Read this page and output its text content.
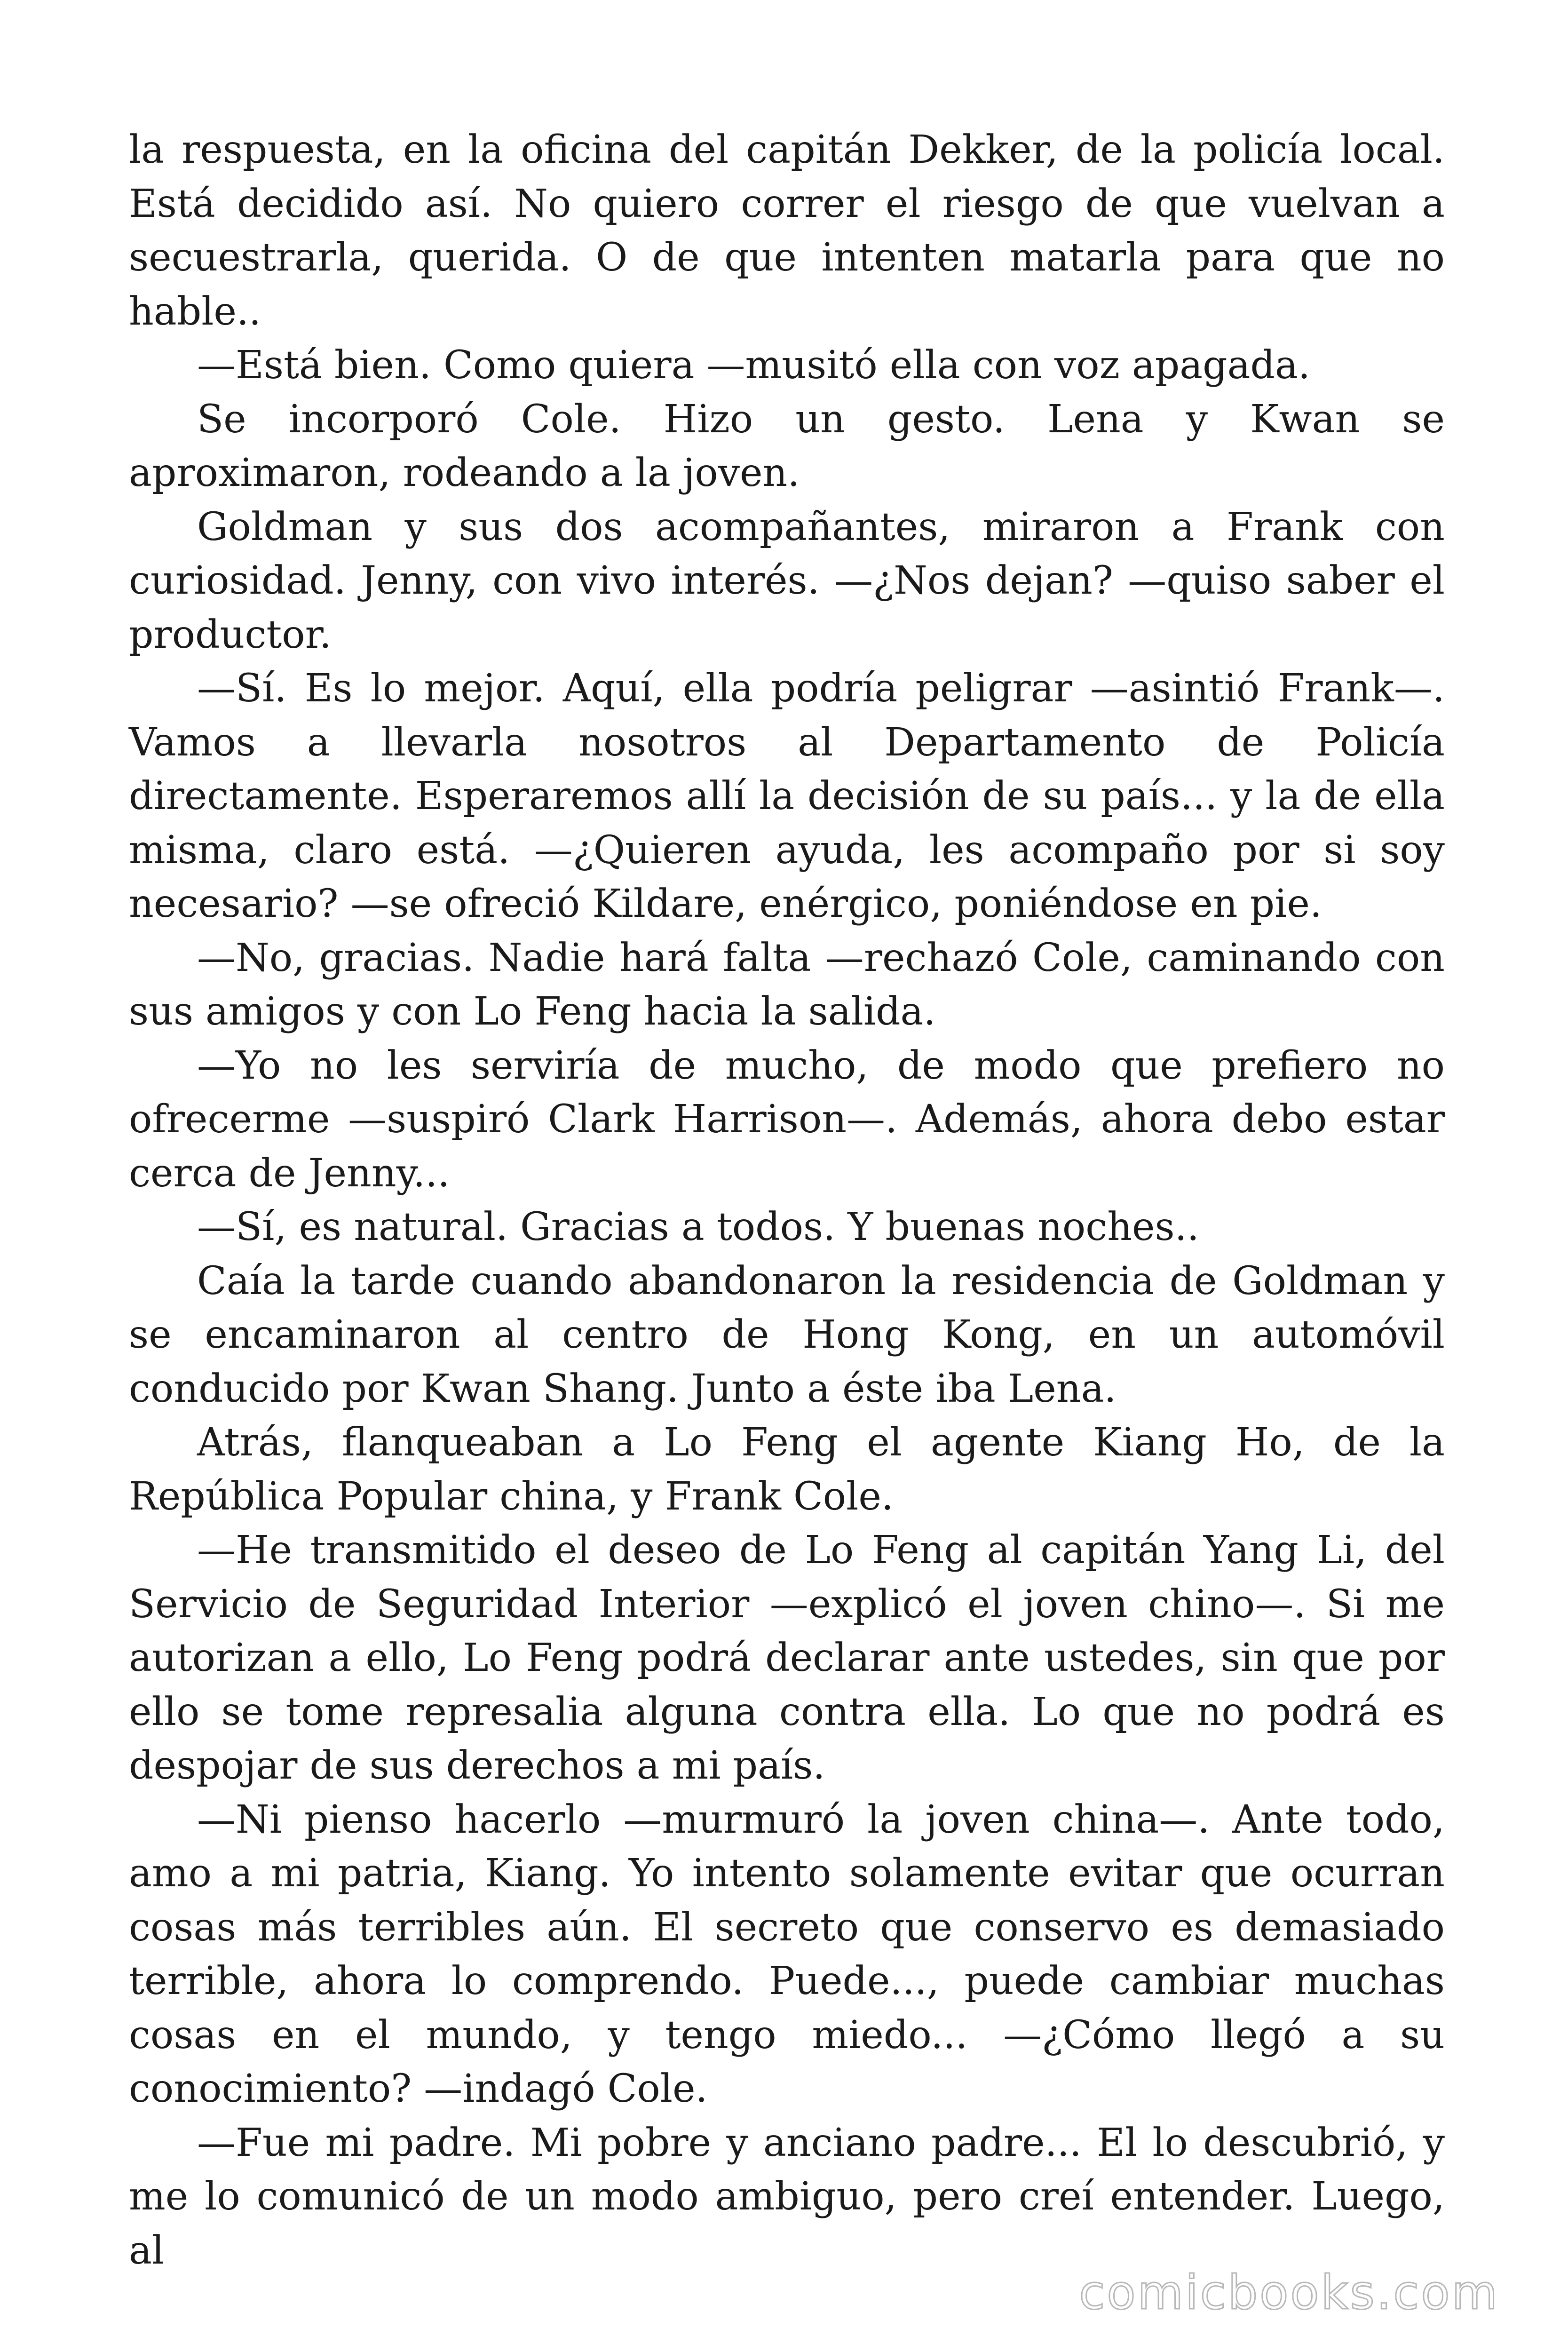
la respuesta, en la oficina del capitán Dekker, de la policía local. Está decidido así. No quiero correr el riesgo de que vuelvan a secuestrarla, querida. O de que intenten matarla para que no hable..

—Está bien. Como quiera —musitó ella con voz apagada.

Se incorporó Cole. Hizo un gesto. Lena y Kwan se aproximaron, rodeando a la joven.

Goldman y sus dos acompañantes, miraron a Frank con curiosidad. Jenny, con vivo interés. —¿Nos dejan? —quiso saber el productor.

—Sí. Es lo mejor. Aquí, ella podría peligrar —asintió Frank—. Vamos a llevarla nosotros al Departamento de Policía directamente. Esperaremos allí la decisión de su país... y la de ella misma, claro está. —¿Quieren ayuda, les acompaño por si soy necesario? —se ofreció Kildare, enérgico, poniéndose en pie.

—No, gracias. Nadie hará falta —rechazó Cole, caminando con sus amigos y con Lo Feng hacia la salida.

—Yo no les serviría de mucho, de modo que prefiero no ofrecerme —suspiró Clark Harrison—. Además, ahora debo estar cerca de Jenny...

—Sí, es natural. Gracias a todos. Y buenas noches..

Caía la tarde cuando abandonaron la residencia de Goldman y se encaminaron al centro de Hong Kong, en un automóvil conducido por Kwan Shang. Junto a éste iba Lena.

Atrás, flanqueaban a Lo Feng el agente Kiang Ho, de la República Popular china, y Frank Cole.

—He transmitido el deseo de Lo Feng al capitán Yang Li, del Servicio de Seguridad Interior —explicó el joven chino—. Si me autorizan a ello, Lo Feng podrá declarar ante ustedes, sin que por ello se tome represalia alguna contra ella. Lo que no podrá es despojar de sus derechos a mi país.

—Ni pienso hacerlo —murmuró la joven china—. Ante todo, amo a mi patria, Kiang. Yo intento solamente evitar que ocurran cosas más terribles aún. El secreto que conservo es demasiado terrible, ahora lo comprendo. Puede..., puede cambiar muchas cosas en el mundo, y tengo miedo... —¿Cómo llegó a su conocimiento? —indagó Cole.

—Fue mi padre. Mi pobre y anciano padre... El lo descubrió, y me lo comunicó de un modo ambiguo, pero creí entender. Luego, al

comicbooks.com
